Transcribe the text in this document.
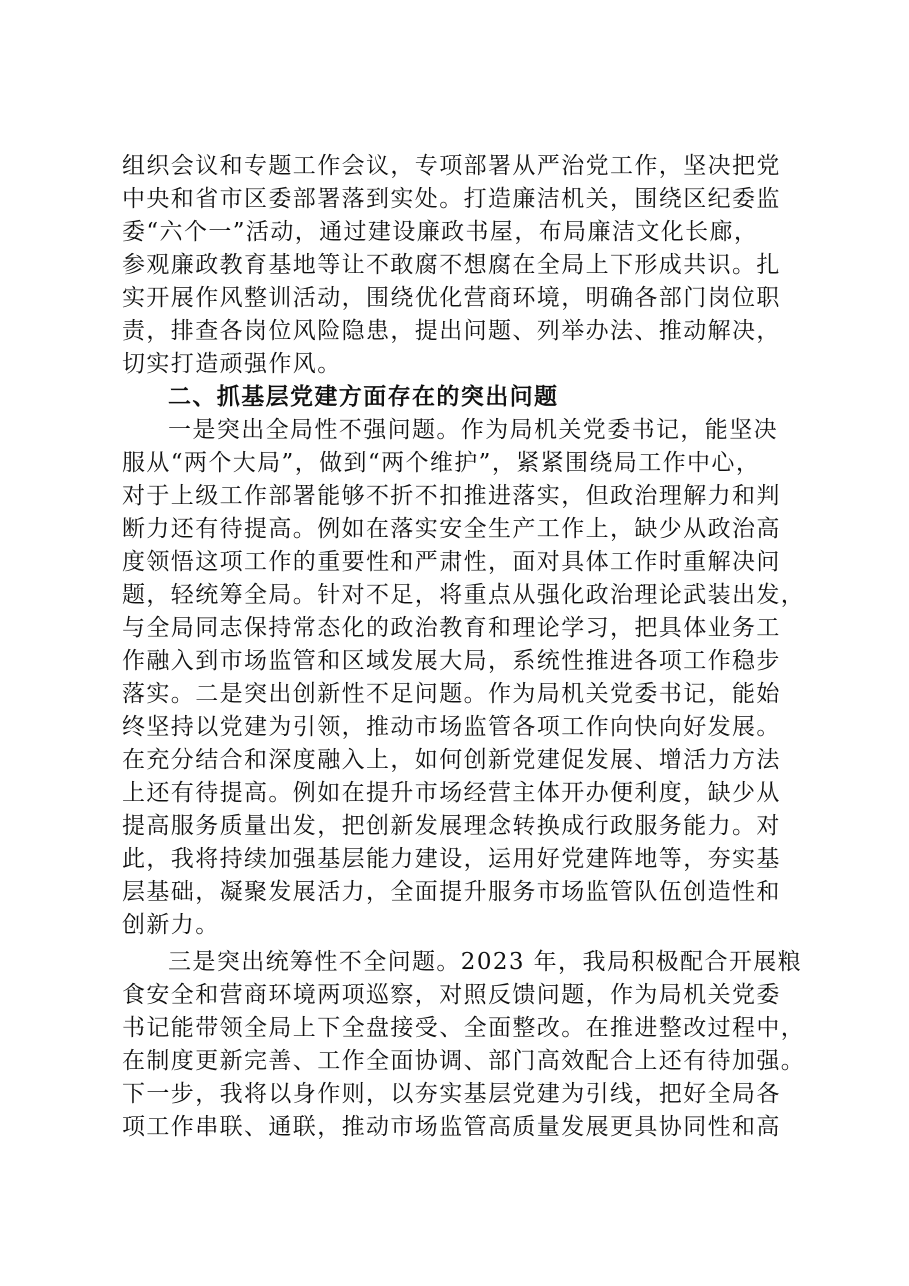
组织会议和专题工作会议，专项部署从严治党工作，坚决把党
中央和省市区委部署落到实处。打造廉洁机关，围绕区纪委监
委“六个一”活动，通过建设廉政书屋，布局廉洁文化长廊，
参观廉政教育基地等让不敢腐不想腐在全局上下形成共识。扎
实开展作风整训活动，围绕优化营商环境，明确各部门岗位职
责，排查各岗位风险隐患，提出问题、列举办法、推动解决，
切实打造顽强作风。
二、抓基层党建方面存在的突出问题
一是突出全局性不强问题。作为局机关党委书记，能坚决
服从“两个大局”，做到“两个维护”，紧紧围绕局工作中心，
对于上级工作部署能够不折不扣推进落实，但政治理解力和判
断力还有待提高。例如在落实安全生产工作上，缺少从政治高
度领悟这项工作的重要性和严肃性，面对具体工作时重解决问
题，轻统筹全局。针对不足，将重点从强化政治理论武装出发，
与全局同志保持常态化的政治教育和理论学习，把具体业务工
作融入到市场监管和区域发展大局，系统性推进各项工作稳步
落实。二是突出创新性不足问题。作为局机关党委书记，能始
终坚持以党建为引领，推动市场监管各项工作向快向好发展。
在充分结合和深度融入上，如何创新党建促发展、增活力方法
上还有待提高。例如在提升市场经营主体开办便利度，缺少从
提高服务质量出发，把创新发展理念转换成行政服务能力。对
此，我将持续加强基层能力建设，运用好党建阵地等，夯实基
层基础，凝聚发展活力，全面提升服务市场监管队伍创造性和
创新力。
三是突出统筹性不全问题。2023 年，我局积极配合开展粮
食安全和营商环境两项巡察，对照反馈问题，作为局机关党委
书记能带领全局上下全盘接受、全面整改。在推进整改过程中，
在制度更新完善、工作全面协调、部门高效配合上还有待加强。
下一步，我将以身作则，以夯实基层党建为引线，把好全局各
项工作串联、通联，推动市场监管高质量发展更具协同性和高
